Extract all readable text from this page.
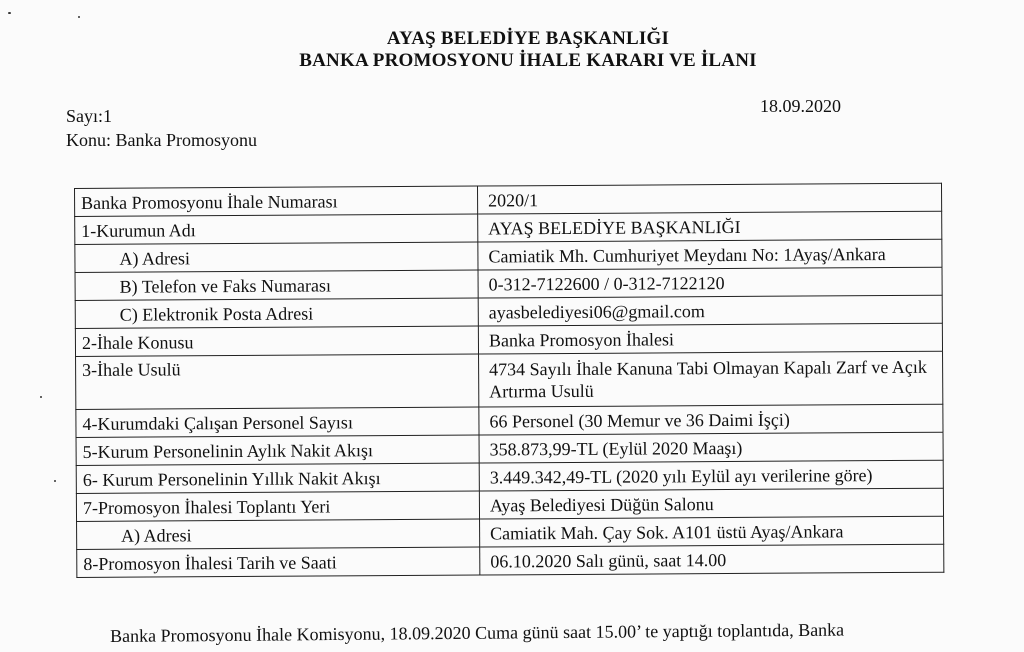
AYAŞ BELEDİYE BAŞKANLIĞI
BANKA PROMOSYONU İHALE KARARI VE İLANI
Sayı:1
Konu: Banka Promosyonu
18.09.2020
Banka Promosyonu İhale Numarası	2020/1
1-Kurumun Adı	AYAŞ BELEDİYE BAŞKANLIĞI
A) Adresi	Camiatik Mh. Cumhuriyet Meydanı No: 1Ayaş/Ankara
B) Telefon ve Faks Numarası	0-312-7122600 / 0-312-7122120
C) Elektronik Posta Adresi	ayasbelediyesi06@gmail.com
2-İhale Konusu	Banka Promosyon İhalesi
3-İhale Usulü	4734 Sayılı İhale Kanuna Tabi Olmayan Kapalı Zarf ve Açık Artırma Usulü
4-Kurumdaki Çalışan Personel Sayısı	66 Personel (30 Memur ve 36 Daimi İşçi)
5-Kurum Personelinin Aylık Nakit Akışı	358.873,99-TL (Eylül 2020 Maaşı)
6- Kurum Personelinin Yıllık Nakit Akışı	3.449.342,49-TL (2020 yılı Eylül ayı verilerine göre)
7-Promosyon İhalesi Toplantı Yeri	Ayaş Belediyesi Düğün Salonu
A) Adresi	Camiatik Mah. Çay Sok. A101 üstü Ayaş/Ankara
8-Promosyon İhalesi Tarih ve Saati	06.10.2020 Salı günü, saat 14.00
Banka Promosyonu İhale Komisyonu, 18.09.2020 Cuma günü saat 15.00’ te yaptığı toplantıda, Banka
